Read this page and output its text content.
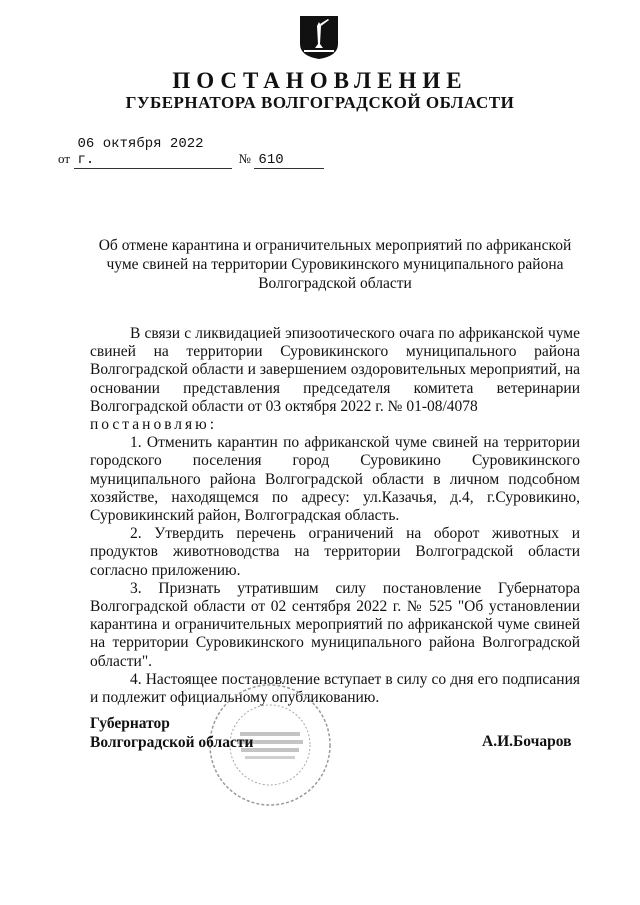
ПОСТАНОВЛЕНИЕ
ГУБЕРНАТОРА ВОЛГОГРАДСКОЙ ОБЛАСТИ
от 06 октября 2022 г.	№ 610
Об отмене карантина и ограничительных мероприятий по африканской чуме свиней на территории Суровикинского муниципального района Волгоградской области

В связи с ликвидацией эпизоотического очага по африканской чуме свиней на территории Суровикинского муниципального района Волгоградской области и завершением оздоровительных мероприятий, на основании представления председателя комитета ветеринарии Волгоградской области от 03 октября 2022 г. № 01-08/4078

постановляю:

1. Отменить карантин по африканской чуме свиней на территории городского поселения город Суровикино Суровикинского муниципального района Волгоградской области в личном подсобном хозяйстве, находящемся по адресу: ул.Казачья, д.4, г.Суровикино, Суровикинский район, Волгоградская область.

2. Утвердить перечень ограничений на оборот животных и продуктов животноводства на территории Волгоградской области согласно приложению.

3. Признать утратившим силу постановление Губернатора Волгоградской области от 02 сентября 2022 г. № 525 "Об установлении карантина и ограничительных мероприятий по африканской чуме свиней на территории Суровикинского муниципального района Волгоградской области".

4. Настоящее постановление вступает в силу со дня его подписания и подлежит официальному опубликованию.

Губернатор
Волгоградской области	А.И.Бочаров
